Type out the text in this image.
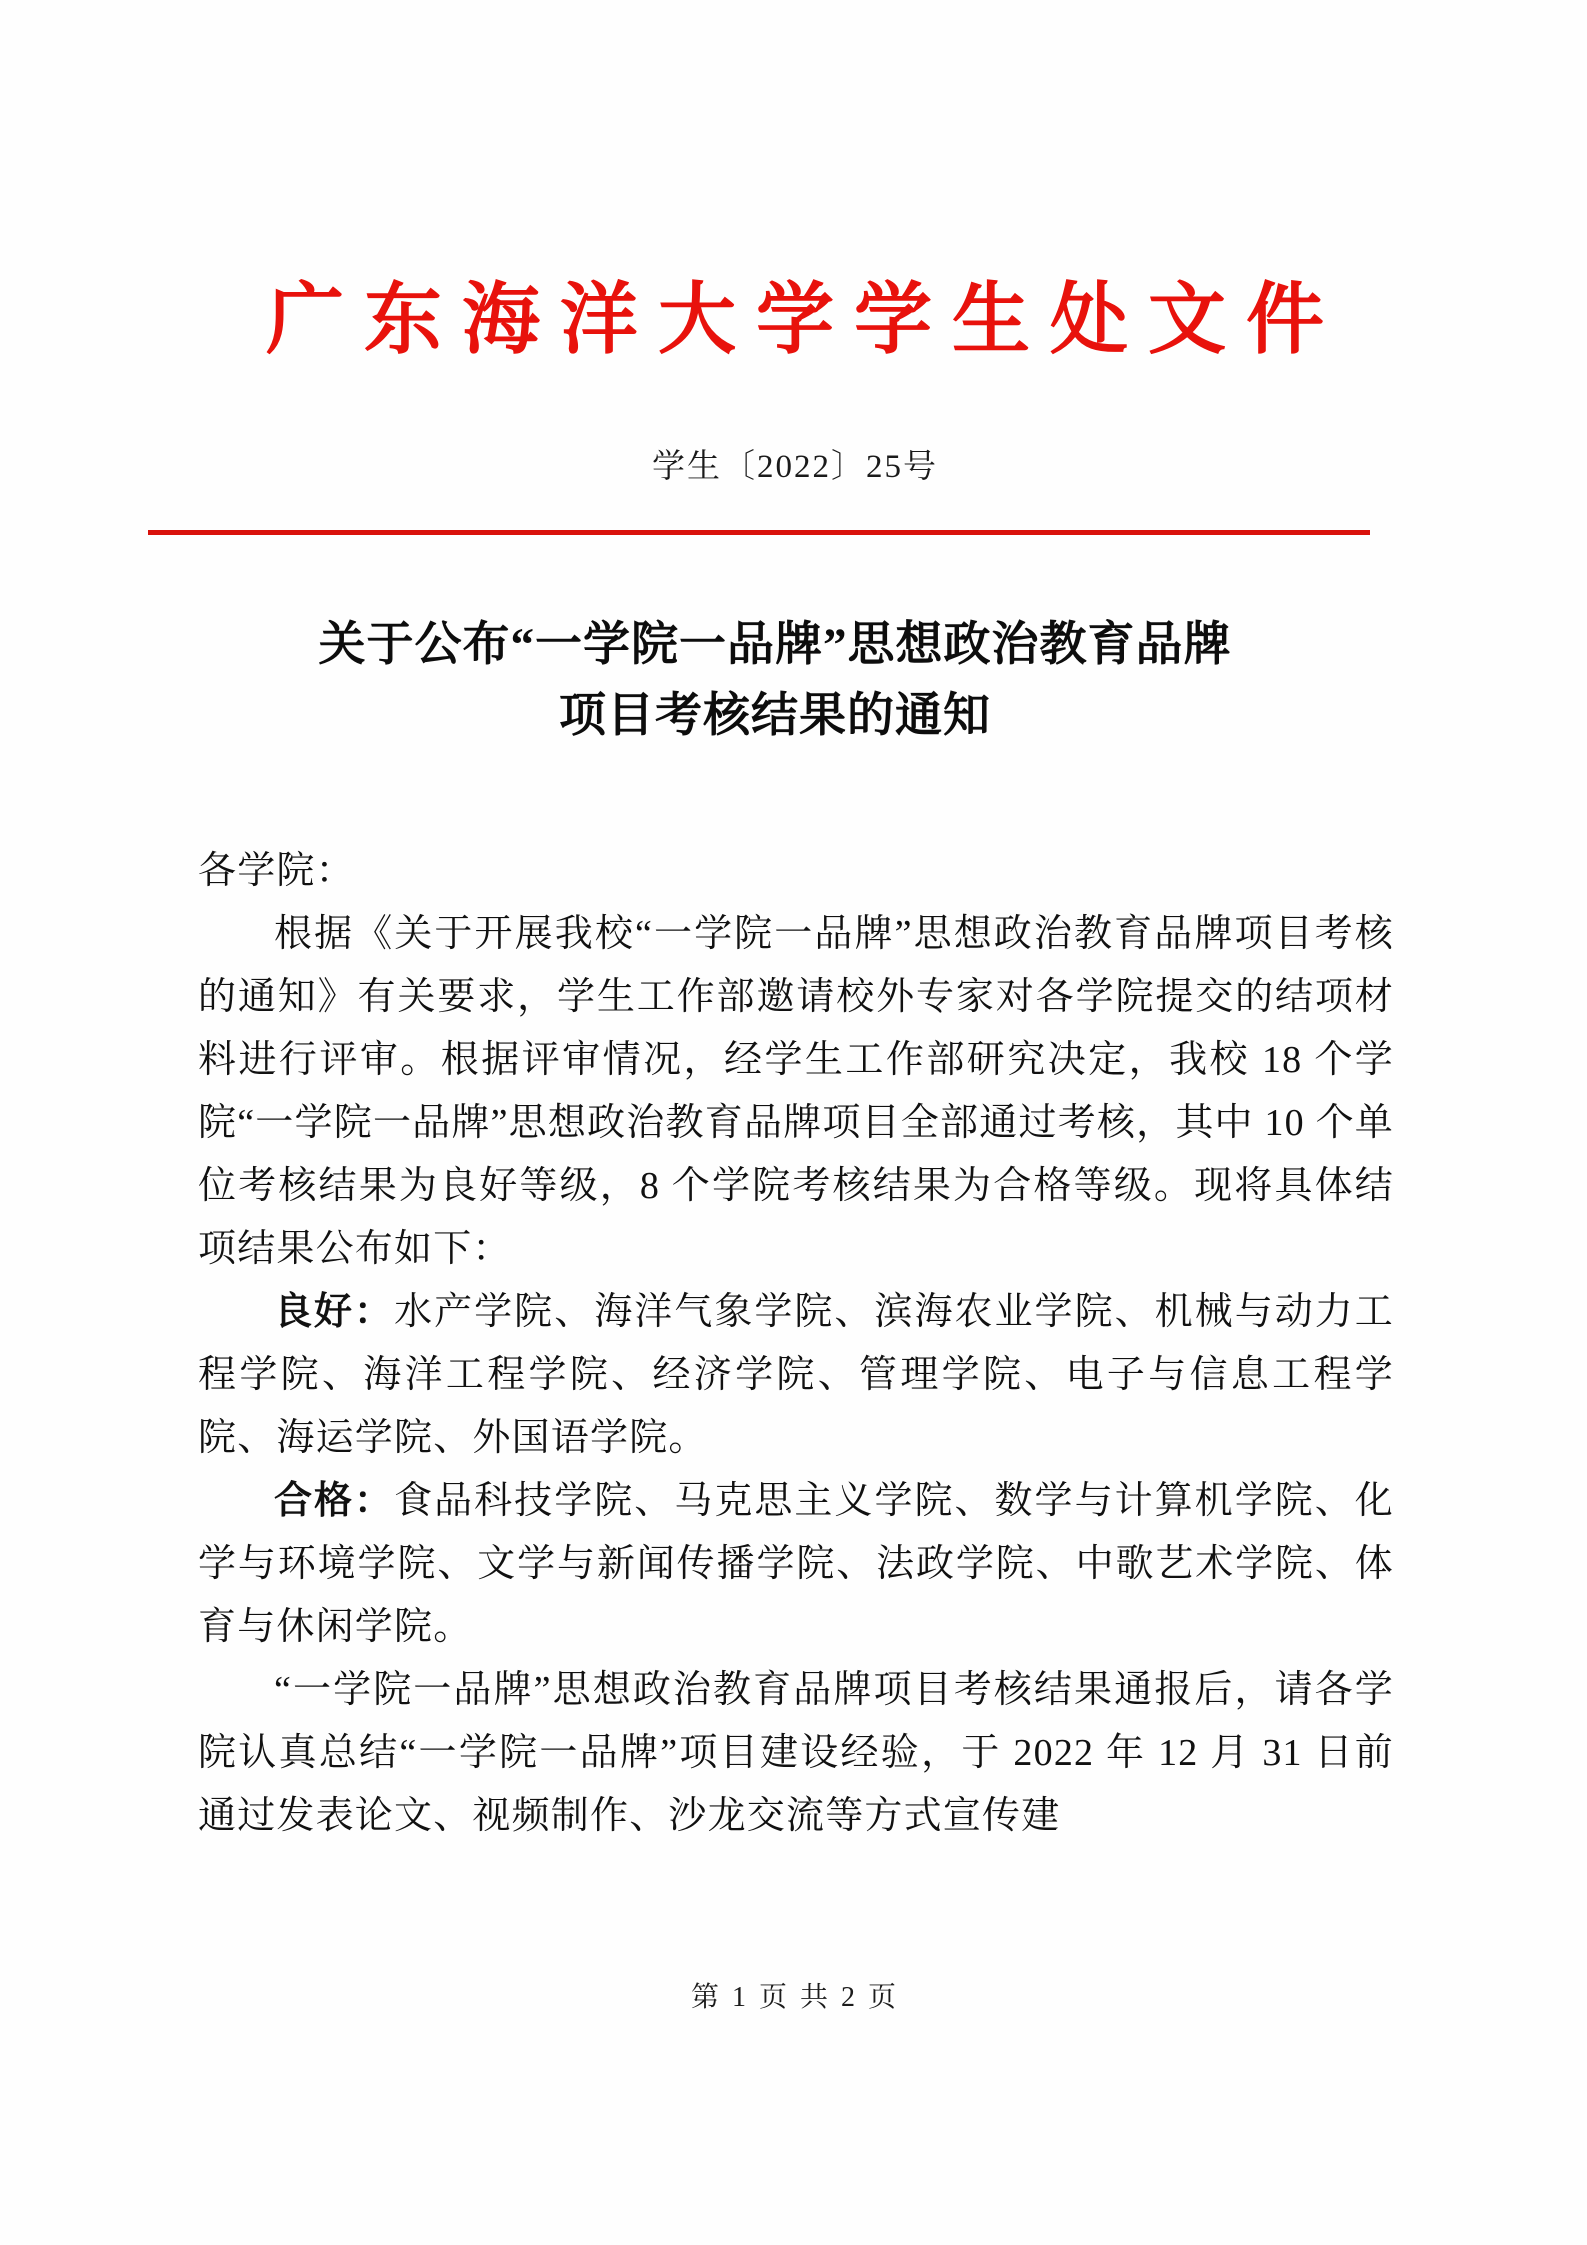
广东海洋大学学生处文件
学生〔2022〕25号
关于公布“一学院一品牌”思想政治教育品牌
项目考核结果的通知

各学院：

根据《关于开展我校“一学院一品牌”思想政治教育品牌项目考核的通知》有关要求，学生工作部邀请校外专家对各学院提交的结项材料进行评审。根据评审情况，经学生工作部研究决定，我校 18 个学院“一学院一品牌”思想政治教育品牌项目全部通过考核，其中 10 个单位考核结果为良好等级，8 个学院考核结果为合格等级。现将具体结项结果公布如下：

良好：水产学院、海洋气象学院、滨海农业学院、机械与动力工程学院、海洋工程学院、经济学院、管理学院、电子与信息工程学院、海运学院、外国语学院。

合格：食品科技学院、马克思主义学院、数学与计算机学院、化学与环境学院、文学与新闻传播学院、法政学院、中歌艺术学院、体育与休闲学院。

“一学院一品牌”思想政治教育品牌项目考核结果通报后，请各学院认真总结“一学院一品牌”项目建设经验，于 2022 年 12 月 31 日前通过发表论文、视频制作、沙龙交流等方式宣传建

第 1 页 共 2 页
